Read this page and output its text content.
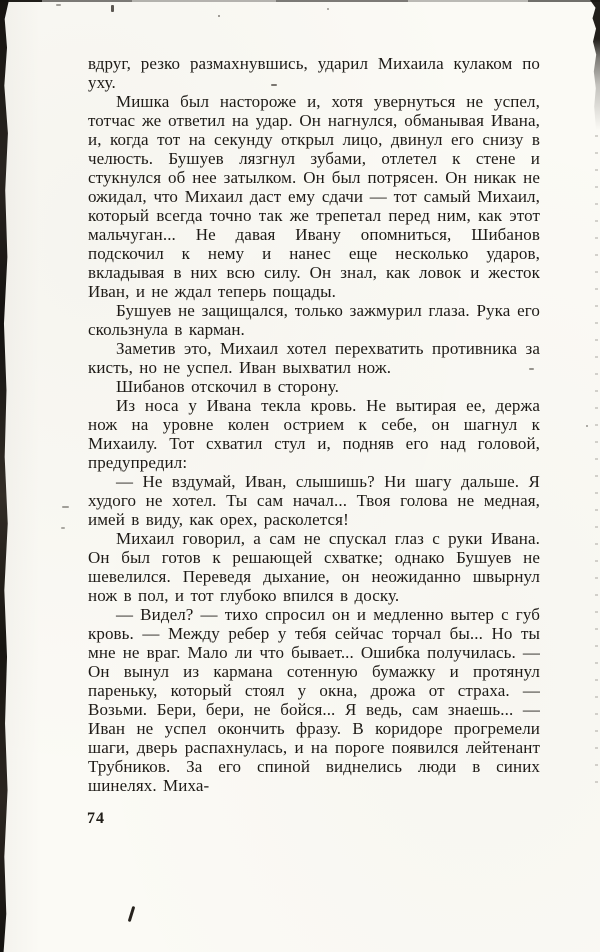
вдруг, резко размахнувшись, ударил Михаила кулаком по уху.

Мишка был настороже и, хотя увернуться не успел, тотчас же ответил на удар. Он нагнулся, обманывая Ивана, и, когда тот на секунду открыл лицо, двинул его снизу в челюсть. Бушуев лязгнул зубами, отлетел к стене и стукнулся об нее затылком. Он был потрясен. Он никак не ожидал, что Михаил даст ему сдачи — тот самый Михаил, который всегда точно так же трепетал перед ним, как этот мальчуган... Не давая Ивану опомниться, Шибанов подскочил к нему и нанес еще несколько ударов, вкладывая в них всю силу. Он знал, как ловок и жесток Иван, и не ждал теперь пощады.

Бушуев не защищался, только зажмурил глаза. Рука его скользнула в карман.

Заметив это, Михаил хотел перехватить противника за кисть, но не успел. Иван выхватил нож.

Шибанов отскочил в сторону.

Из носа у Ивана текла кровь. Не вытирая ее, держа нож на уровне колен острием к себе, он шагнул к Михаилу. Тот схватил стул и, подняв его над головой, предупредил:

— Не вздумай, Иван, слышишь? Ни шагу дальше. Я худого не хотел. Ты сам начал... Твоя голова не медная, имей в виду, как орех, расколется!

Михаил говорил, а сам не спускал глаз с руки Ивана. Он был готов к решающей схватке; однако Бушуев не шевелился. Переведя дыхание, он неожиданно швырнул нож в пол, и тот глубоко впился в доску.

— Видел? — тихо спросил он и медленно вытер с губ кровь. — Между ребер у тебя сейчас торчал бы... Но ты мне не враг. Мало ли что бывает... Ошибка получилась. — Он вынул из кармана сотенную бумажку и протянул пареньку, который стоял у окна, дрожа от страха. — Возьми. Бери, бери, не бойся... Я ведь, сам знаешь... — Иван не успел окончить фразу. В коридоре прогремели шаги, дверь распахнулась, и на пороге появился лейтенант Трубников. За его спиной виднелись люди в синих шинелях. Миха-

74
